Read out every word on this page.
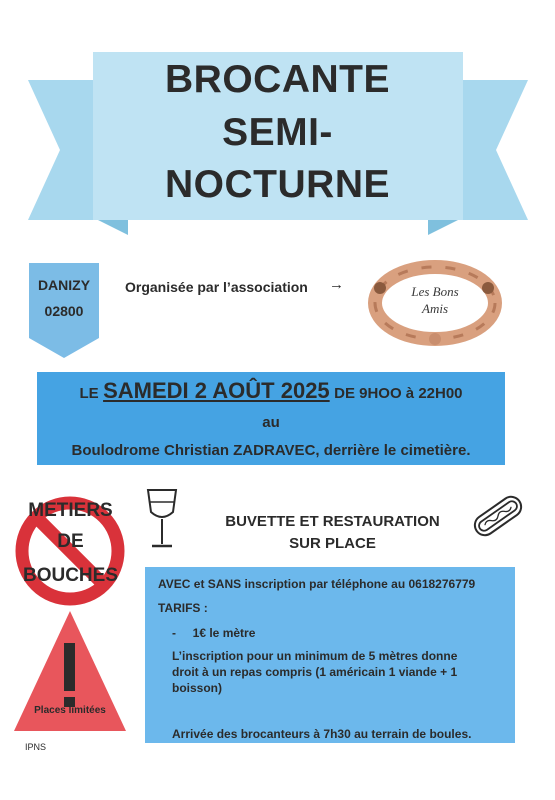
BROCANTE
SEMI-
NOCTURNE
DANIZY
02800
Organisée par l’association →	Les Bons
Amis
LE SAMEDI 2 AOÛT 2025 DE 9HOO à 22H00
au
Boulodrome Christian ZADRAVEC, derrière le cimetière.
METIERS
DE
BOUCHES
Places limitées
BUVETTE ET RESTAURATION
SUR PLACE
AVEC et SANS inscription par téléphone au 0618276779
TARIFS :
-     1€ le mètre
L’inscription pour un minimum de 5 mètres donne
droit à un repas compris (1 américain 1 viande + 1
boisson)
Arrivée des brocanteurs à 7h30 au terrain de boules.
IPNS
